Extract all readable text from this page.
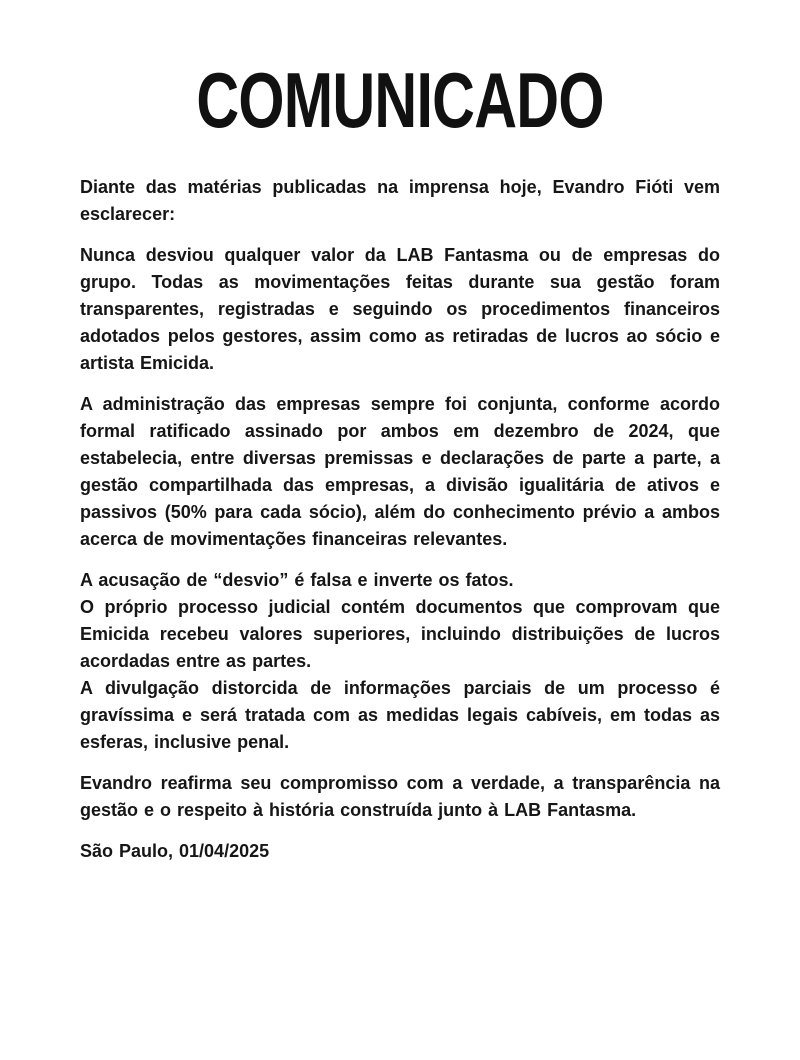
COMUNICADO

Diante das matérias publicadas na imprensa hoje, Evandro Fióti vem esclarecer:

Nunca desviou qualquer valor da LAB Fantasma ou de empresas do grupo. Todas as movimentações feitas durante sua gestão foram transparentes, registradas e seguindo os procedimentos financeiros adotados pelos gestores, assim como as retiradas de lucros ao sócio e artista Emicida.

A administração das empresas sempre foi conjunta, conforme acordo formal ratificado assinado por ambos em dezembro de 2024, que estabelecia, entre diversas premissas e declarações de parte a parte, a gestão compartilhada das empresas, a divisão igualitária de ativos e passivos (50% para cada sócio), além do conhecimento prévio a ambos acerca de movimentações financeiras relevantes.

A acusação de “desvio” é falsa e inverte os fatos.

O próprio processo judicial contém documentos que comprovam que Emicida recebeu valores superiores, incluindo distribuições de lucros acordadas entre as partes.

A divulgação distorcida de informações parciais de um processo é gravíssima e será tratada com as medidas legais cabíveis, em todas as esferas, inclusive penal.

Evandro reafirma seu compromisso com a verdade, a transparência na gestão e o respeito à história construída junto à LAB Fantasma.

São Paulo, 01/04/2025
